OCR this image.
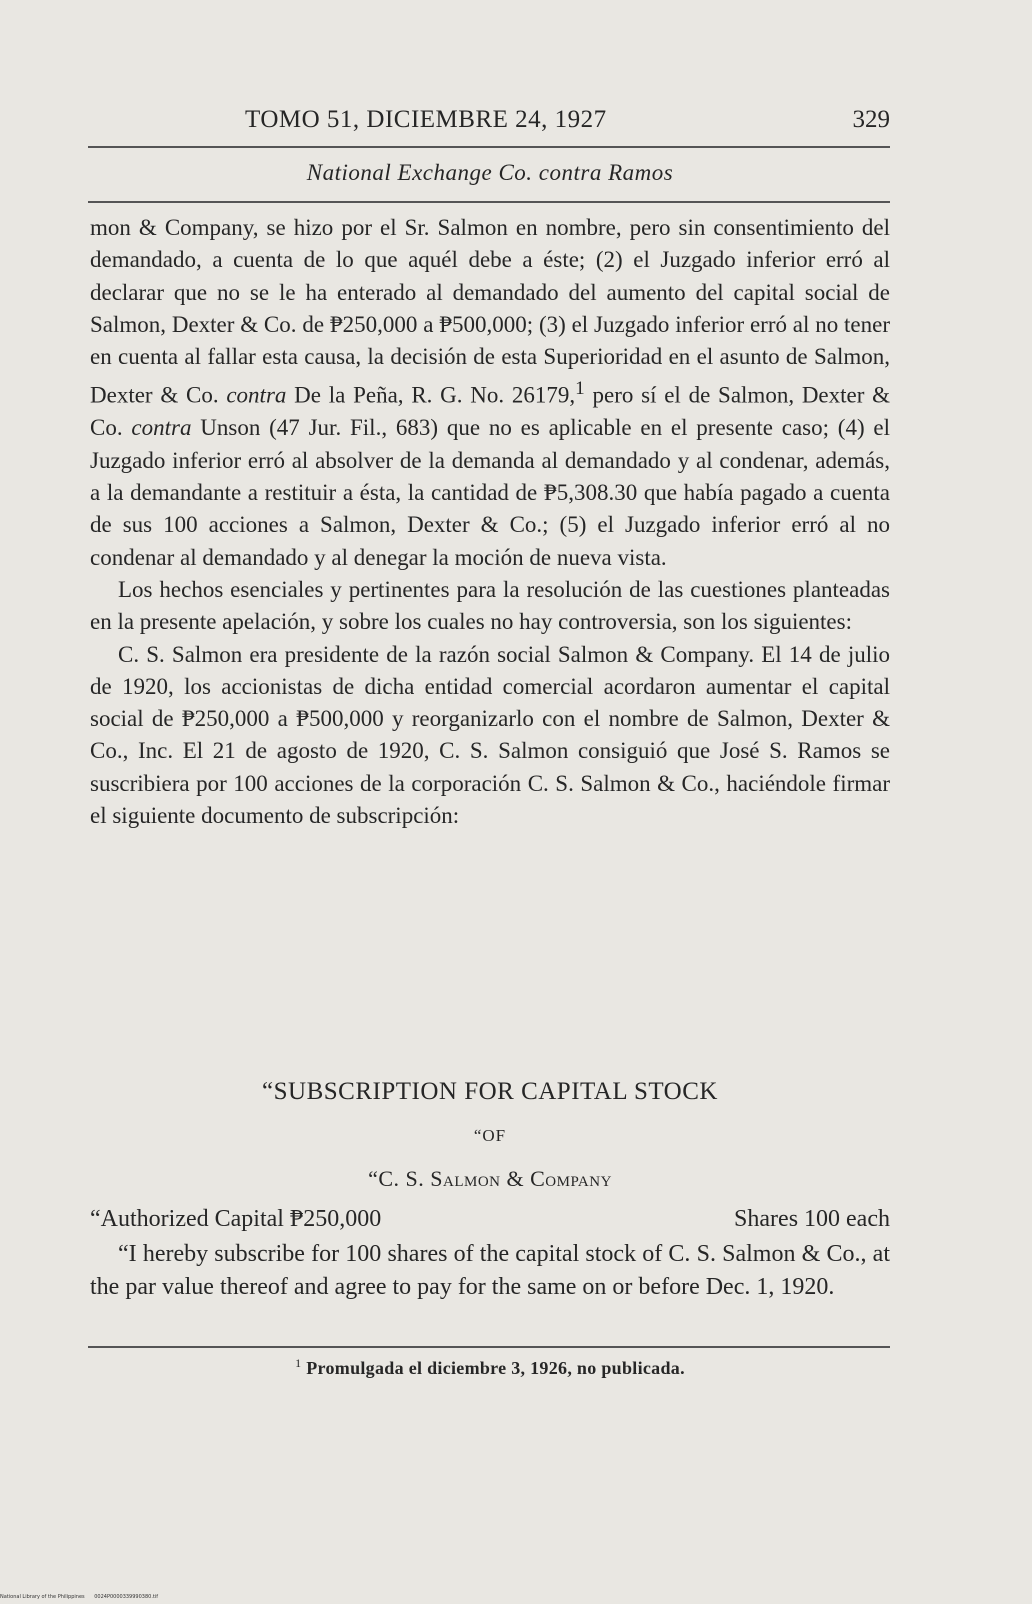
TOMO 51, DICIEMBRE 24, 1927	329
National Exchange Co. contra Ramos

mon & Company, se hizo por el Sr. Salmon en nombre, pero sin consentimiento del demandado, a cuenta de lo que aquél debe a éste; (2) el Juzgado inferior erró al declarar que no se le ha enterado al demandado del aumento del capital social de Salmon, Dexter & Co. de ₱250,000 a ₱500,000; (3) el Juzgado inferior erró al no tener en cuenta al fallar esta causa, la decisión de esta Superioridad en el asunto de Salmon, Dexter & Co. contra De la Peña, R. G. No. 26179,$^1$ pero sí el de Salmon, Dexter & Co. contra Unson (47 Jur. Fil., 683) que no es aplicable en el presente caso; (4) el Juzgado inferior erró al absolver de la demanda al demandado y al condenar, además, a la demandante a restituir a ésta, la cantidad de ₱5,308.30 que había pagado a cuenta de sus 100 acciones a Salmon, Dexter & Co.; (5) el Juzgado inferior erró al no condenar al demandado y al denegar la moción de nueva vista.

Los hechos esenciales y pertinentes para la resolución de las cuestiones planteadas en la presente apelación, y sobre los cuales no hay controversia, son los siguientes:

C. S. Salmon era presidente de la razón social Salmon & Company. El 14 de julio de 1920, los accionistas de dicha entidad comercial acordaron aumentar el capital social de ₱250,000 a ₱500,000 y reorganizarlo con el nombre de Salmon, Dexter & Co., Inc. El 21 de agosto de 1920, C. S. Salmon consiguió que José S. Ramos se suscribiera por 100 acciones de la corporación C. S. Salmon & Co., haciéndole firmar el siguiente documento de subscripción:

“SUBSCRIPTION FOR CAPITAL STOCK
“OF
“C. S. Salmon & Company
“Authorized Capital ₱250,000	Shares 100 each
“I hereby subscribe for 100 shares of the capital stock of C. S. Salmon & Co., at the par value thereof and agree to pay for the same on or before Dec. 1, 1920.
$^1$ Promulgada el diciembre 3, 1926, no publicada.
National Library of the Philippines 0024P0000339990380.tif
